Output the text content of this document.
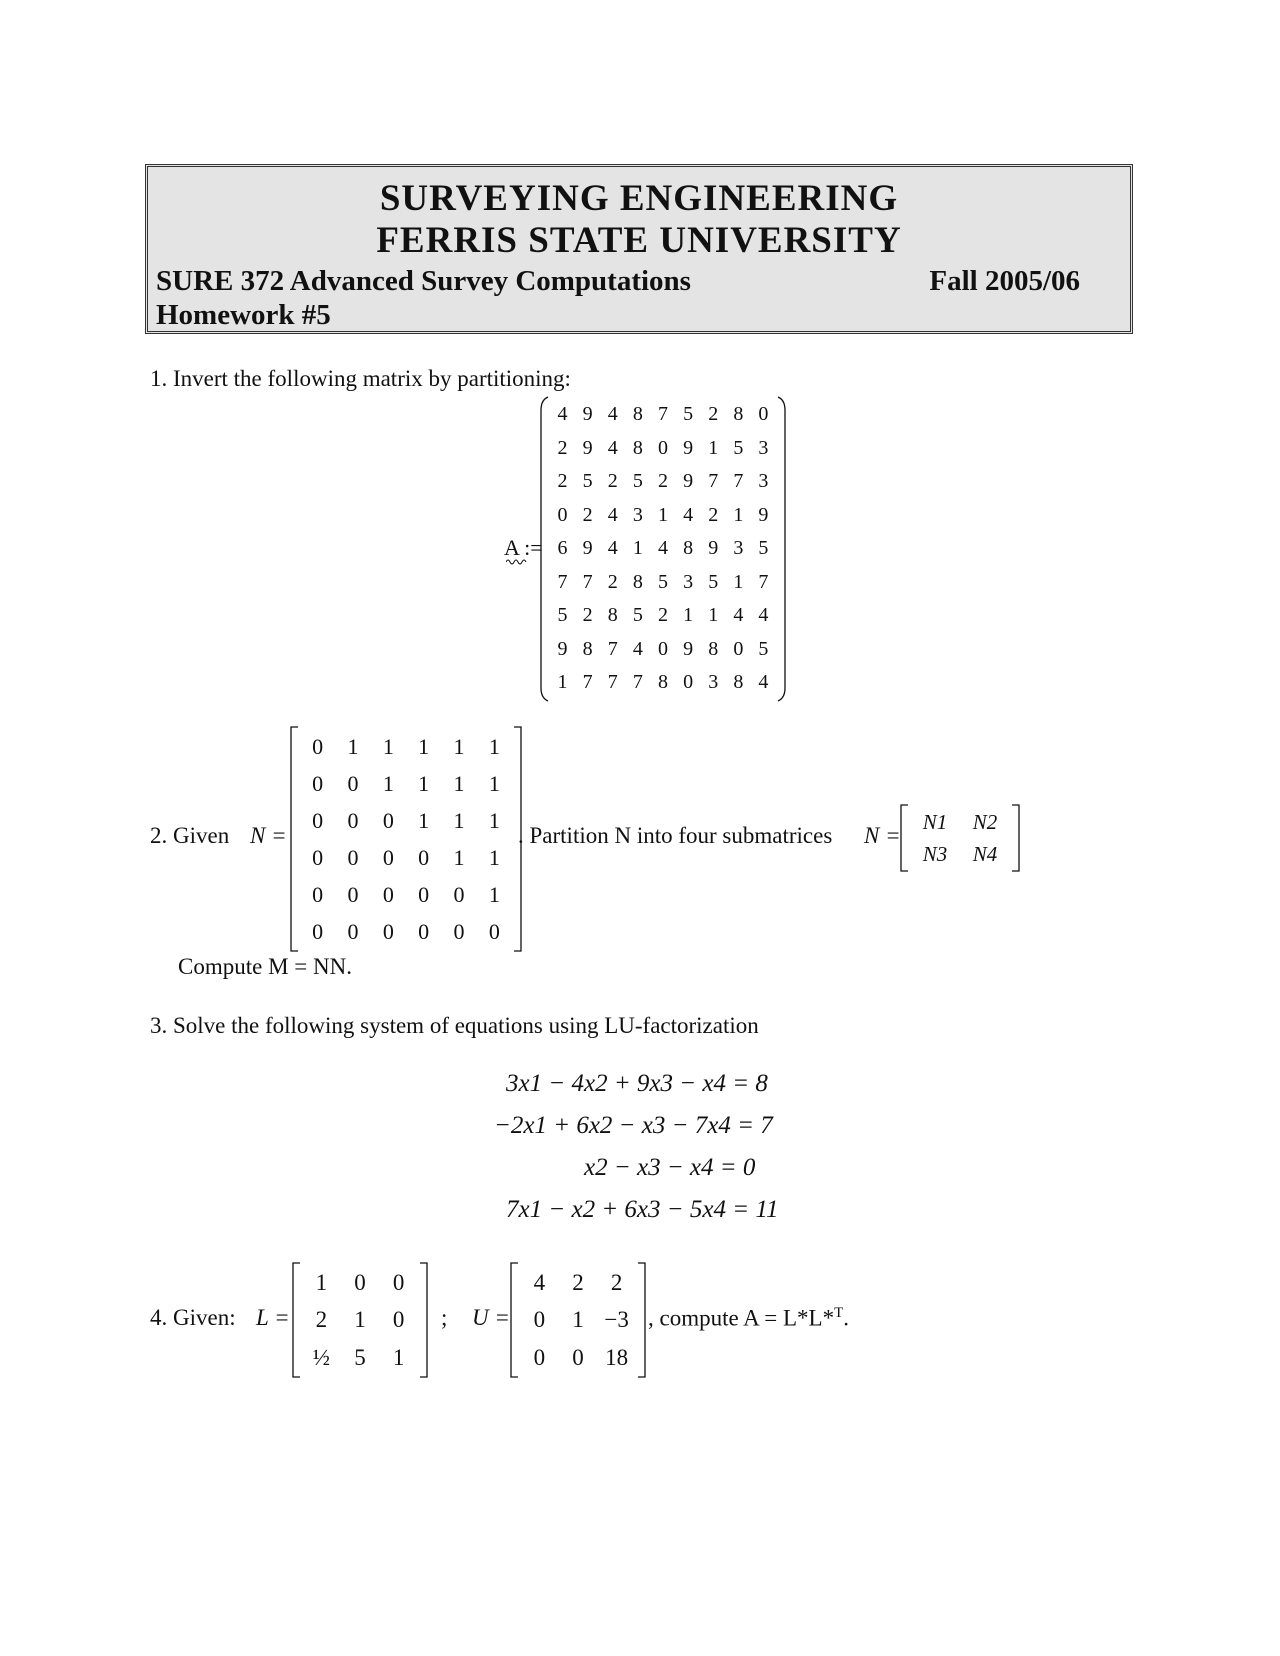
SURVEYING ENGINEERING
FERRIS STATE UNIVERSITY
SURE 372 Advanced Survey Computations	Fall 2005/06
Homework #5
1. Invert the following matrix by partitioning:
A :=
4 9 4 8 7 5 2 8 0
2 9 4 8 0 9 1 5 3
2 5 2 5 2 9 7 7 3
0 2 4 3 1 4 2 1 9
6 9 4 1 4 8 9 3 5
7 7 2 8 5 3 5 1 7
5 2 8 5 2 1 1 4 4
9 8 7 4 0 9 8 0 5
1 7 7 7 8 0 3 8 4
2. Given N =
0	1	1	1	1	1
0	0	1	1	1	1
0	0	0	1	1	1
0	0	0	0	1	1
0	0	0	0	0	1
0	0	0	0	0	0
. Partition N into four submatrices N =
N1	N2
N3	N4
Compute M = NN.
3. Solve the following system of equations using LU-factorization
3x1 − 4x2 + 9x3 − x4 = 8
−2x1 + 6x2 − x3 − 7x4 = 7
x2 − x3 − x4 = 0
7x1 − x2 + 6x3 − 5x4 = 11
4. Given: L =
1	0	0
2	1	0
½	5	1
; U =
4	2	2
0	1 −3
0	0 18
, compute A = L*L*$^T$.
